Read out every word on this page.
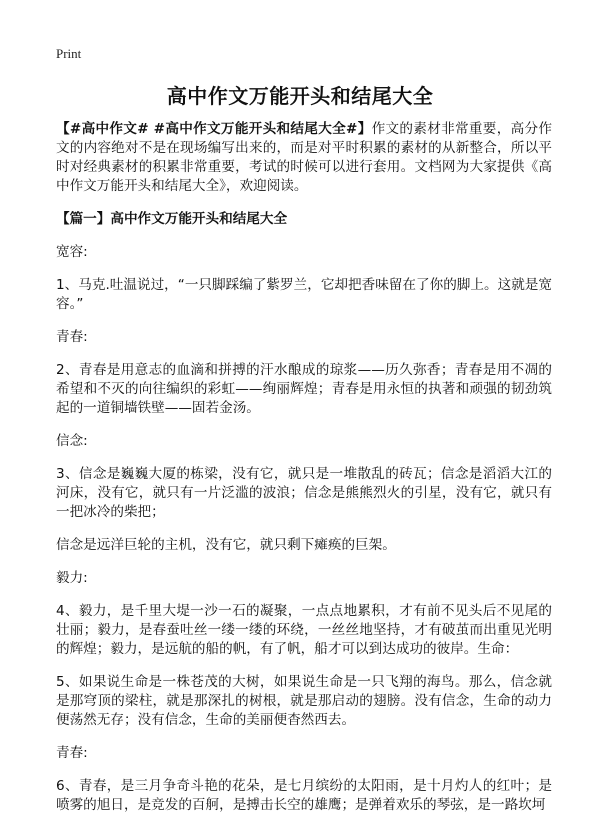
Print
高中作文万能开头和结尾大全

【#高中作文# #高中作文万能开头和结尾大全#】作文的素材非常重要，高分作文的内容绝对不是在现场编写出来的，而是对平时积累的素材的从新整合，所以平时对经典素材的积累非常重要，考试的时候可以进行套用。文档网为大家提供《高中作文万能开头和结尾大全》，欢迎阅读。

【篇一】高中作文万能开头和结尾大全

宽容:

1、马克.吐温说过，“一只脚踩编了紫罗兰，它却把香味留在了你的脚上。这就是宽容。”

青春:

2、青春是用意志的血滴和拼搏的汗水酿成的琼浆——历久弥香；青春是用不凋的希望和不灭的向往编织的彩虹——绚丽辉煌；青春是用永恒的执著和顽强的韧劲筑起的一道铜墙铁壁——固若金汤。

信念:

3、信念是巍巍大厦的栋梁，没有它，就只是一堆散乱的砖瓦；信念是滔滔大江的河床，没有它，就只有一片泛滥的波浪；信念是熊熊烈火的引星，没有它，就只有一把冰冷的柴把；

信念是远洋巨轮的主机，没有它，就只剩下瘫痪的巨架。

毅力:

4、毅力，是千里大堤一沙一石的凝聚，一点点地累积，才有前不见头后不见尾的壮丽；毅力，是春蚕吐丝一缕一缕的环绕，一丝丝地坚持，才有破茧而出重见光明的辉煌；毅力，是远航的船的帆，有了帆，船才可以到达成功的彼岸。生命：

5、如果说生命是一株苍茂的大树，如果说生命是一只飞翔的海鸟。那么，信念就是那穹顶的梁柱，就是那深扎的树根，就是那启动的翅膀。没有信念，生命的动力便荡然无存；没有信念，生命的美丽便杳然西去。

青春:

6、青春，是三月争奇斗艳的花朵，是七月缤纷的太阳雨，是十月灼人的红叶；是喷雾的旭日，是竞发的百舸，是搏击长空的雄鹰；是弹着欢乐的琴弦，是一路坎坷
